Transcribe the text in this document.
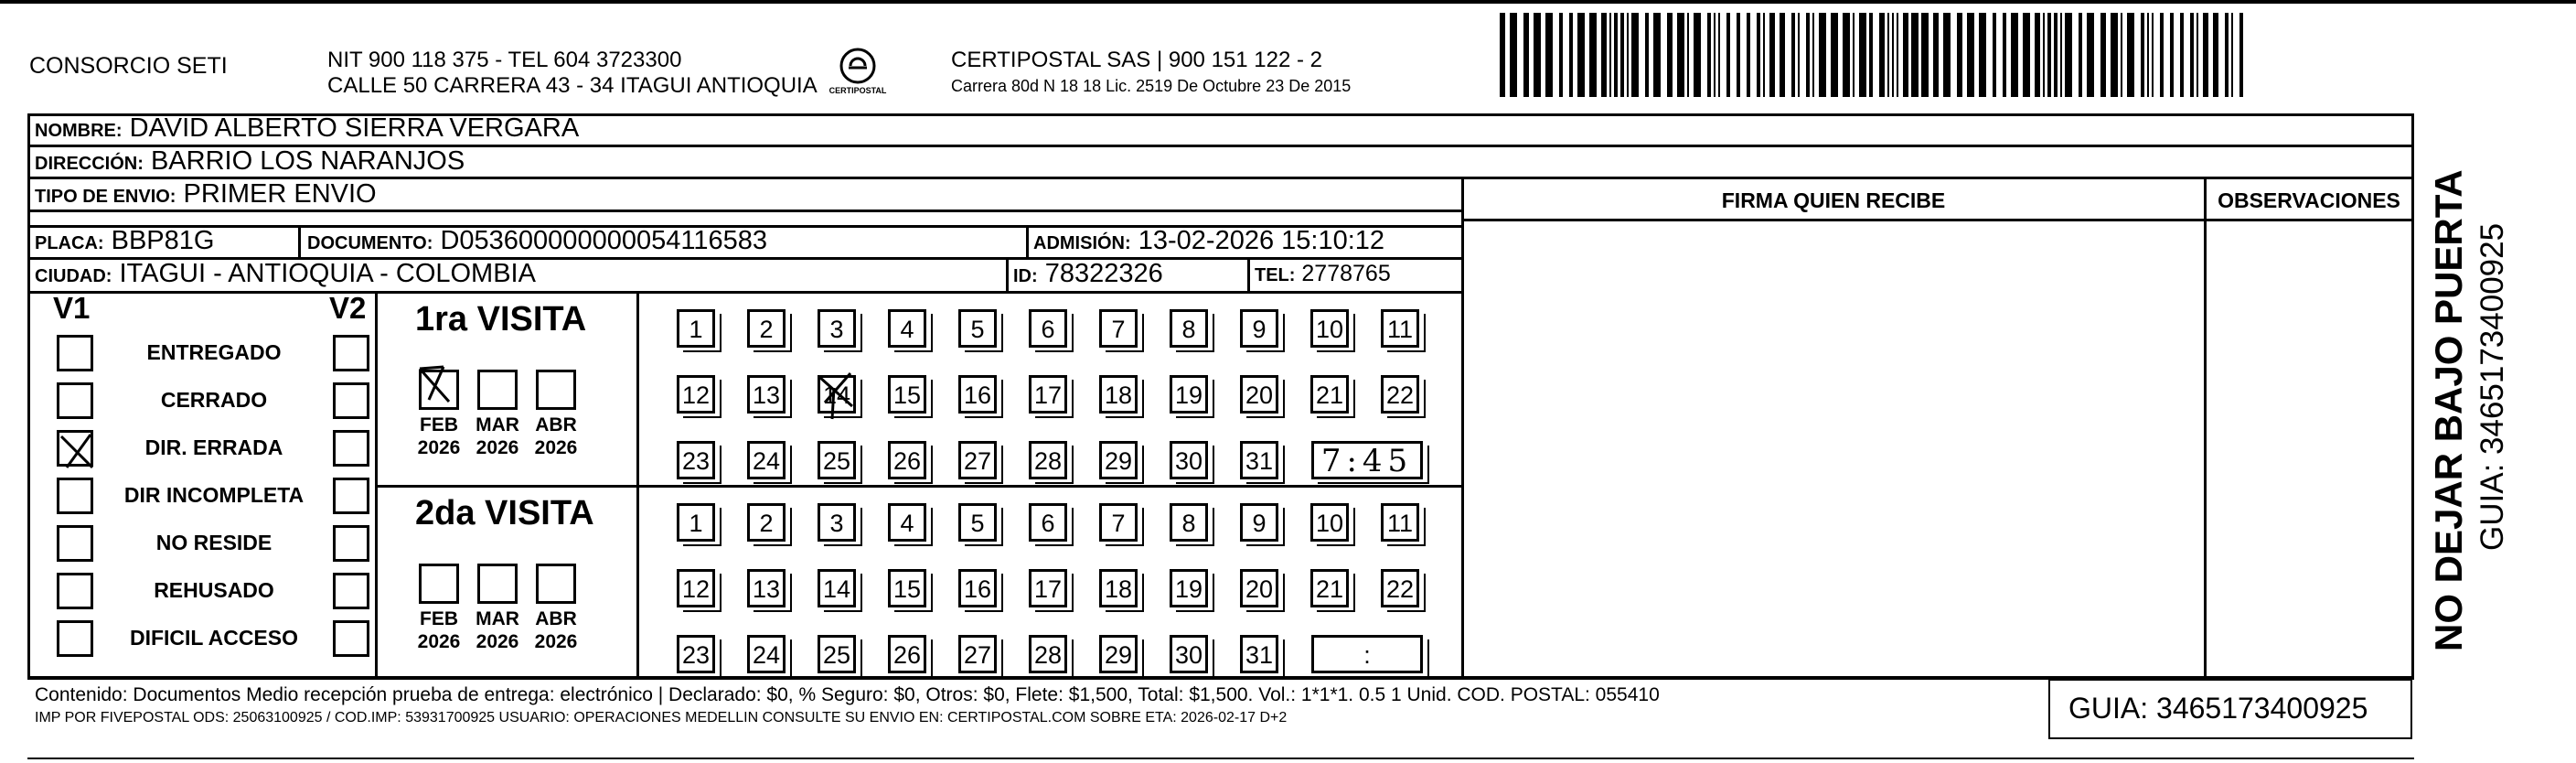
CONSORCIO SETI	NIT 900 118 375 - TEL 604 3723300
CALLE 50 CARRERA 43 - 34 ITAGUI ANTIOQUIA	CERTIPOSTAL
CERTIPOSTAL SAS | 900 151 122 - 2
Carrera 80d N 18 18 Lic. 2519 De Octubre 23 De 2015
NOMBRE: DAVID ALBERTO SIERRA VERGARA
DIRECCIÓN: BARRIO LOS NARANJOS
TIPO DE ENVIO: PRIMER ENVIO
PLACA: BBP81G	DOCUMENTO: D053600000000054116583	ADMISIÓN: 13-02-2026 15:10:12
CIUDAD: ITAGUI - ANTIOQUIA - COLOMBIA	ID: 78322326	TEL: 2778765
FIRMA QUIEN RECIBE	OBSERVACIONES
V1	V2
ENTREGADO
CERRADO
DIR. ERRADA
DIR INCOMPLETA
NO RESIDE
REHUSADO
DIFICIL ACCESO
1ra VISITA
2da VISITA
FEB
2026
MAR
2026
ABR
2026
1	2	3	4	5	6	7	8	9	10 11
12 13 14 15 16 17 18 19 20 21 22
23 24 25 26 27 28 29 30 31	7:45
FEB
2026
MAR
2026
ABR
2026
1	2	3	4	5	6	7	8	9	10 11
12 13 14 15 16 17 18 19 20 21 22
23 24 25 26 27 28 29 30 31	:
Contenido: Documentos Medio recepción prueba de entrega: electrónico | Declarado: $0, % Seguro: $0, Otros: $0, Flete: $1,500, Total: $1,500. Vol.: 1*1*1. 0.5 1 Unid. COD. POSTAL: 055410
IMP POR FIVEPOSTAL ODS: 25063100925 / COD.IMP: 53931700925 USUARIO: OPERACIONES MEDELLIN CONSULTE SU ENVIO EN: CERTIPOSTAL.COM SOBRE ETA: 2026-02-17 D+2	GUIA: 3465173400925
NO DEJAR BAJO PUERTA GUIA: 3465173400925
